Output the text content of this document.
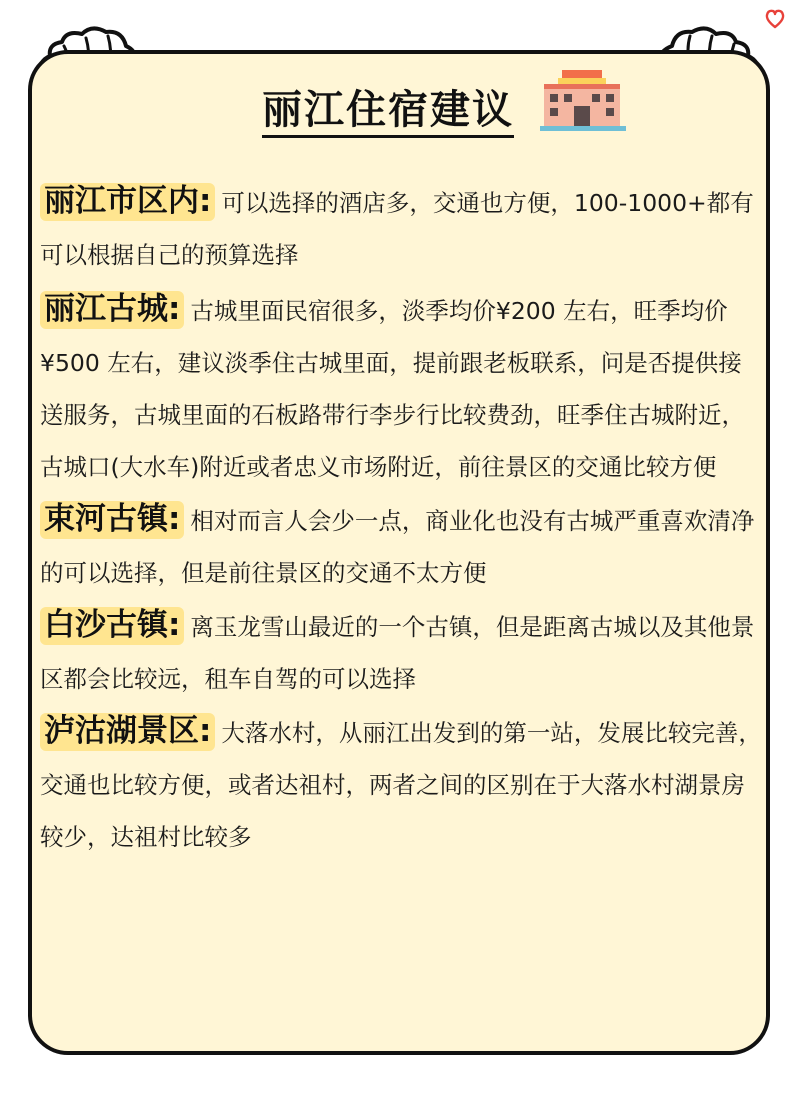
丽江住宿建议

丽江市区内: 可以选择的酒店多，交通也方便，100-1000+都有可以根据自己的预算选择

丽江古城: 古城里面民宿很多，淡季均价¥200 左右，旺季均价¥500 左右，建议淡季住古城里面，提前跟老板联系，问是否提供接送服务，古城里面的石板路带行李步行比较费劲，旺季住古城附近，古城口(大水车)附近或者忠义市场附近，前往景区的交通比较方便

束河古镇: 相对而言人会少一点，商业化也没有古城严重喜欢清净的可以选择，但是前往景区的交通不太方便

白沙古镇: 离玉龙雪山最近的一个古镇，但是距离古城以及其他景区都会比较远，租车自驾的可以选择

泸沽湖景区: 大落水村，从丽江出发到的第一站，发展比较完善，交通也比较方便，或者达祖村，两者之间的区别在于大落水村湖景房较少，达祖村比较多
